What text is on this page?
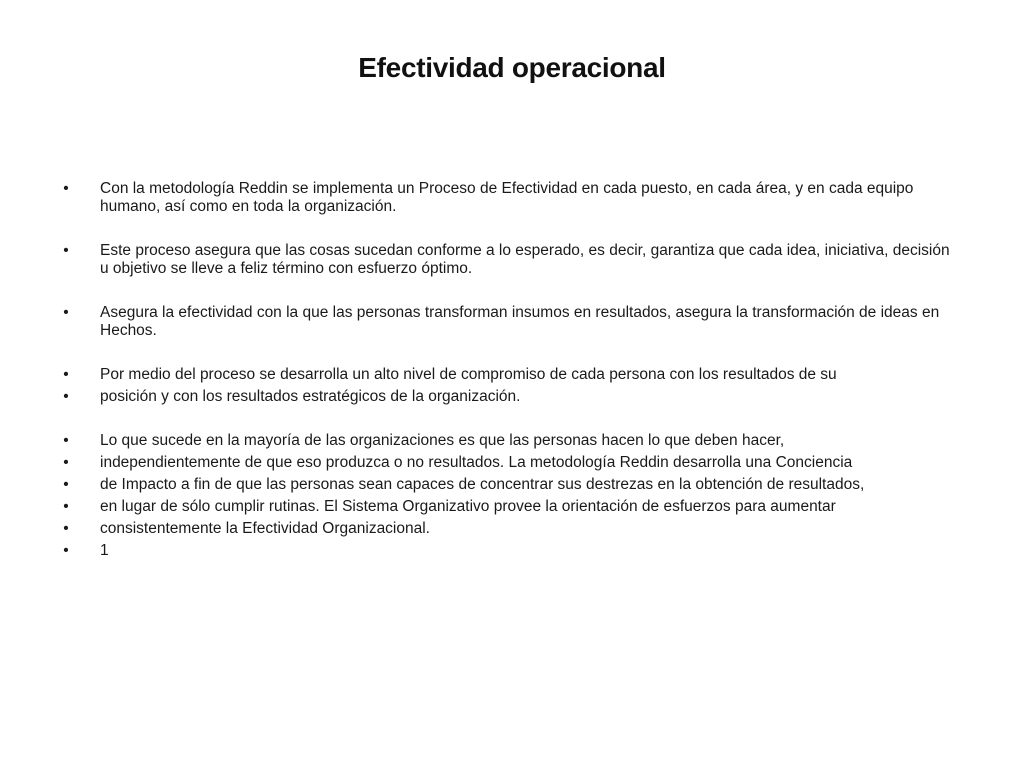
Efectividad operacional
• Con la metodología Reddin se implementa un Proceso de Efectividad en cada puesto, en cada área, y en cada equipo humano, así como en toda la organización.
• Este proceso asegura que las cosas sucedan conforme a lo esperado, es decir, garantiza que cada idea, iniciativa, decisión u objetivo se lleve a feliz término con esfuerzo óptimo.
• Asegura la efectividad con la que las personas transforman insumos en resultados, asegura la transformación de ideas en Hechos.
• Por medio del proceso se desarrolla un alto nivel de compromiso de cada persona con los resultados de su
• posición y con los resultados estratégicos de la organización.
• Lo que sucede en la mayoría de las organizaciones es que las personas hacen lo que deben hacer,
• independientemente de que eso produzca o no resultados. La metodología Reddin desarrolla una Conciencia
• de Impacto a fin de que las personas sean capaces de concentrar sus destrezas en la obtención de resultados,
• en lugar de sólo cumplir rutinas. El Sistema Organizativo provee la orientación de esfuerzos para aumentar
• consistentemente la Efectividad Organizacional.
• 1
